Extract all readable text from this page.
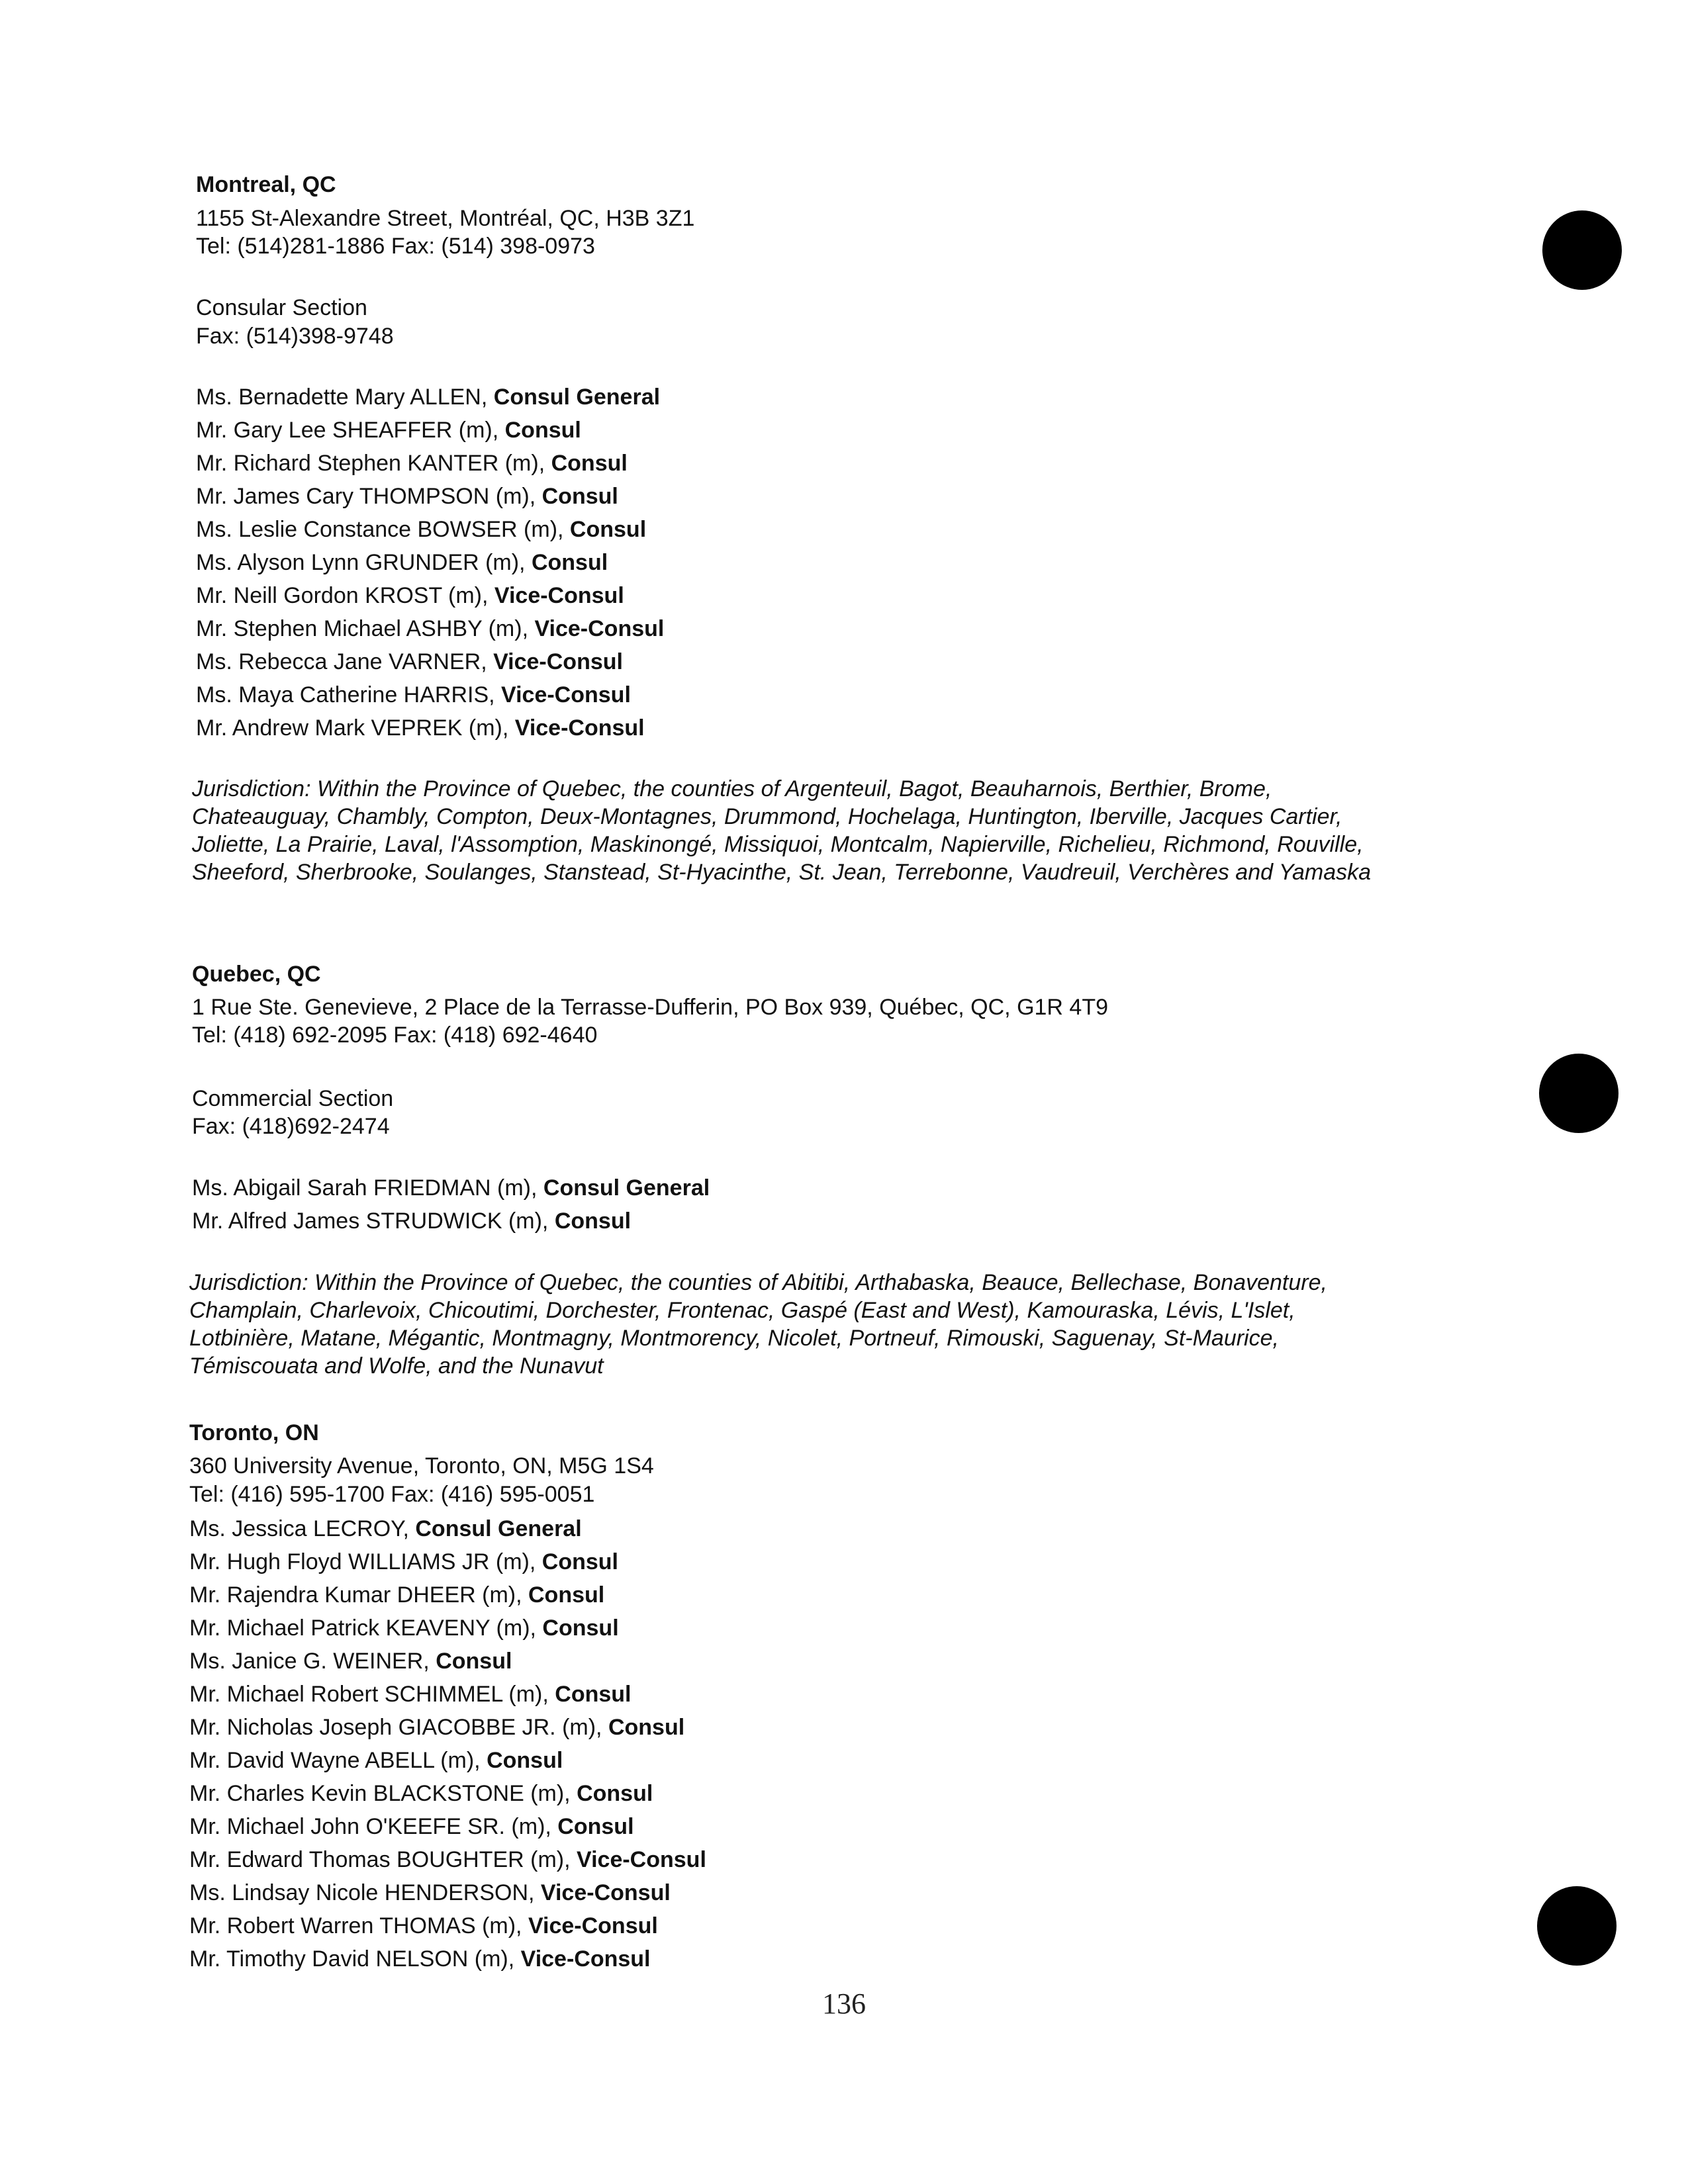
Montreal, QC
1155 St-Alexandre Street, Montréal, QC, H3B 3Z1
Tel: (514)281-1886 Fax: (514) 398-0973
Consular Section
Fax: (514)398-9748
Ms. Bernadette Mary ALLEN, Consul General
Mr. Gary Lee SHEAFFER (m), Consul
Mr. Richard Stephen KANTER (m), Consul
Mr. James Cary THOMPSON (m), Consul
Ms. Leslie Constance BOWSER (m), Consul
Ms. Alyson Lynn GRUNDER (m), Consul
Mr. Neill Gordon KROST (m), Vice-Consul
Mr. Stephen Michael ASHBY (m), Vice-Consul
Ms. Rebecca Jane VARNER, Vice-Consul
Ms. Maya Catherine HARRIS, Vice-Consul
Mr. Andrew Mark VEPREK (m), Vice-Consul
Jurisdiction: Within the Province of Quebec, the counties of Argenteuil, Bagot, Beauharnois, Berthier, Brome,
Chateauguay, Chambly, Compton, Deux-Montagnes, Drummond, Hochelaga, Huntington, Iberville, Jacques Cartier,
Joliette, La Prairie, Laval, l'Assomption, Maskinongé, Missiquoi, Montcalm, Napierville, Richelieu, Richmond, Rouville,
Sheeford, Sherbrooke, Soulanges, Stanstead, St-Hyacinthe, St. Jean, Terrebonne, Vaudreuil, Verchères and Yamaska
Quebec, QC
1 Rue Ste. Genevieve, 2 Place de la Terrasse-Dufferin, PO Box 939, Québec, QC, G1R 4T9
Tel: (418) 692-2095 Fax: (418) 692-4640
Commercial Section
Fax: (418)692-2474
Ms. Abigail Sarah FRIEDMAN (m), Consul General
Mr. Alfred James STRUDWICK (m), Consul
Jurisdiction: Within the Province of Quebec, the counties of Abitibi, Arthabaska, Beauce, Bellechase, Bonaventure,
Champlain, Charlevoix, Chicoutimi, Dorchester, Frontenac, Gaspé (East and West), Kamouraska, Lévis, L'Islet,
Lotbinière, Matane, Mégantic, Montmagny, Montmorency, Nicolet, Portneuf, Rimouski, Saguenay, St-Maurice,
Témiscouata and Wolfe, and the Nunavut
Toronto, ON
360 University Avenue, Toronto, ON, M5G 1S4
Tel: (416) 595-1700 Fax: (416) 595-0051
Ms. Jessica LECROY, Consul General
Mr. Hugh Floyd WILLIAMS JR (m), Consul
Mr. Rajendra Kumar DHEER (m), Consul
Mr. Michael Patrick KEAVENY (m), Consul
Ms. Janice G. WEINER, Consul
Mr. Michael Robert SCHIMMEL (m), Consul
Mr. Nicholas Joseph GIACOBBE JR. (m), Consul
Mr. David Wayne ABELL (m), Consul
Mr. Charles Kevin BLACKSTONE (m), Consul
Mr. Michael John O'KEEFE SR. (m), Consul
Mr. Edward Thomas BOUGHTER (m), Vice-Consul
Ms. Lindsay Nicole HENDERSON, Vice-Consul
Mr. Robert Warren THOMAS (m), Vice-Consul
Mr. Timothy David NELSON (m), Vice-Consul
136
